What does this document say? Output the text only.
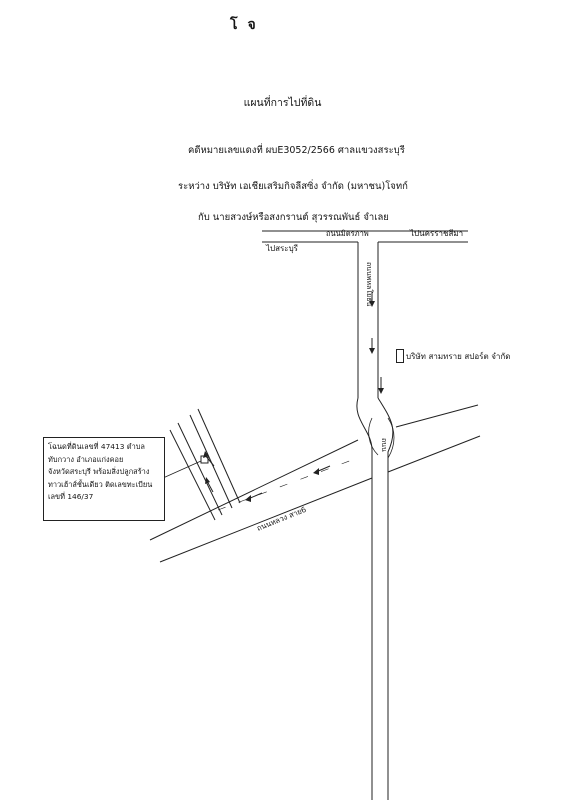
โจ
แผนที่การไปที่ดิน
คดีหมายเลขแดงที่ ผบE3052/2566 ศาลแขวงสระบุรี
ระหว่าง บริษัท เอเชียเสริมกิจลีสซิ่ง จำกัด (มหาชน)โจทก์
กับ นายสวงษ์หรือสงกรานต์ สุวรรณพันธ์ จำเลย
ถนนมิตรภาพ	ไปนครราชสีมา
ไปสระบุรี
ถนนพหลโยธิน
ถนน
ถนนหลวง สาย6
บริษัท สามทราย สปอร์ต จำกัด
โฉนดที่ดินเลขที่ 47413 ตำบล
ทับกวาง อำเภอแก่งคอย
จังหวัดสระบุรี พร้อมสิ่งปลูกสร้าง
ทาวเฮ้าส์ชั้นเดียว ติดเลขทะเบียน
เลขที่ 146/37
